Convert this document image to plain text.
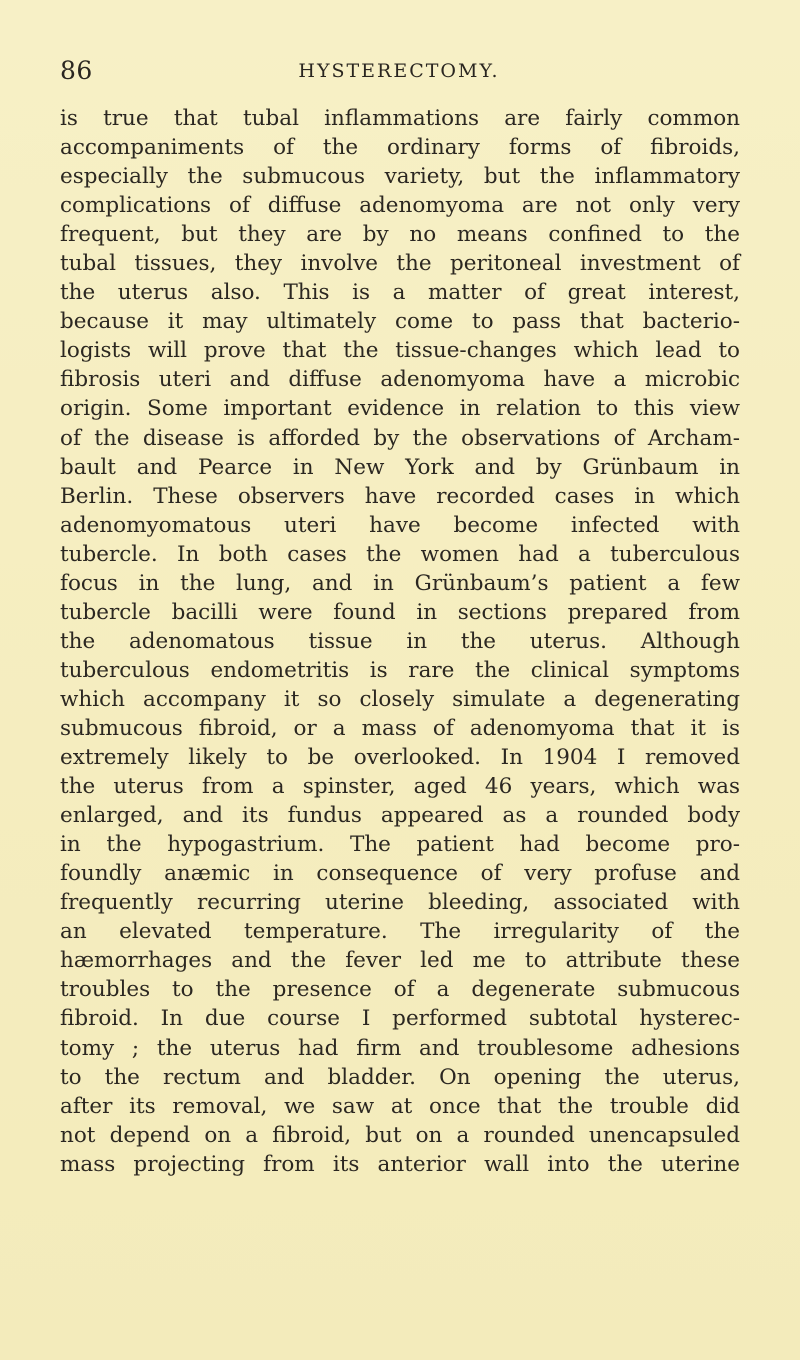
86	HYSTERECTOMY.
is true that tubal inflammations are fairly common
accompaniments of the ordinary forms of fibroids,
especially the submucous variety, but the inflammatory
complications of diffuse adenomyoma are not only very
frequent, but they are by no means confined to the
tubal tissues, they involve the peritoneal investment of
the uterus also. This is a matter of great interest,
because it may ultimately come to pass that bacterio-
logists will prove that the tissue-changes which lead to
fibrosis uteri and diffuse adenomyoma have a microbic
origin. Some important evidence in relation to this view
of the disease is afforded by the observations of Archam-
bault and Pearce in New York and by Grünbaum in
Berlin. These observers have recorded cases in which
adenomyomatous uteri have become infected with
tubercle. In both cases the women had a tuberculous
focus in the lung, and in Grünbaum’s patient a few
tubercle bacilli were found in sections prepared from
the adenomatous tissue in the uterus. Although
tuberculous endometritis is rare the clinical symptoms
which accompany it so closely simulate a degenerating
submucous fibroid, or a mass of adenomyoma that it is
extremely likely to be overlooked. In 1904 I removed
the uterus from a spinster, aged 46 years, which was
enlarged, and its fundus appeared as a rounded body
in the hypogastrium. The patient had become pro-
foundly anæmic in consequence of very profuse and
frequently recurring uterine bleeding, associated with
an elevated temperature. The irregularity of the
hæmorrhages and the fever led me to attribute these
troubles to the presence of a degenerate submucous
fibroid. In due course I performed subtotal hysterec-
tomy ; the uterus had firm and troublesome adhesions
to the rectum and bladder. On opening the uterus,
after its removal, we saw at once that the trouble did
not depend on a fibroid, but on a rounded unencapsuled
mass projecting from its anterior wall into the uterine
